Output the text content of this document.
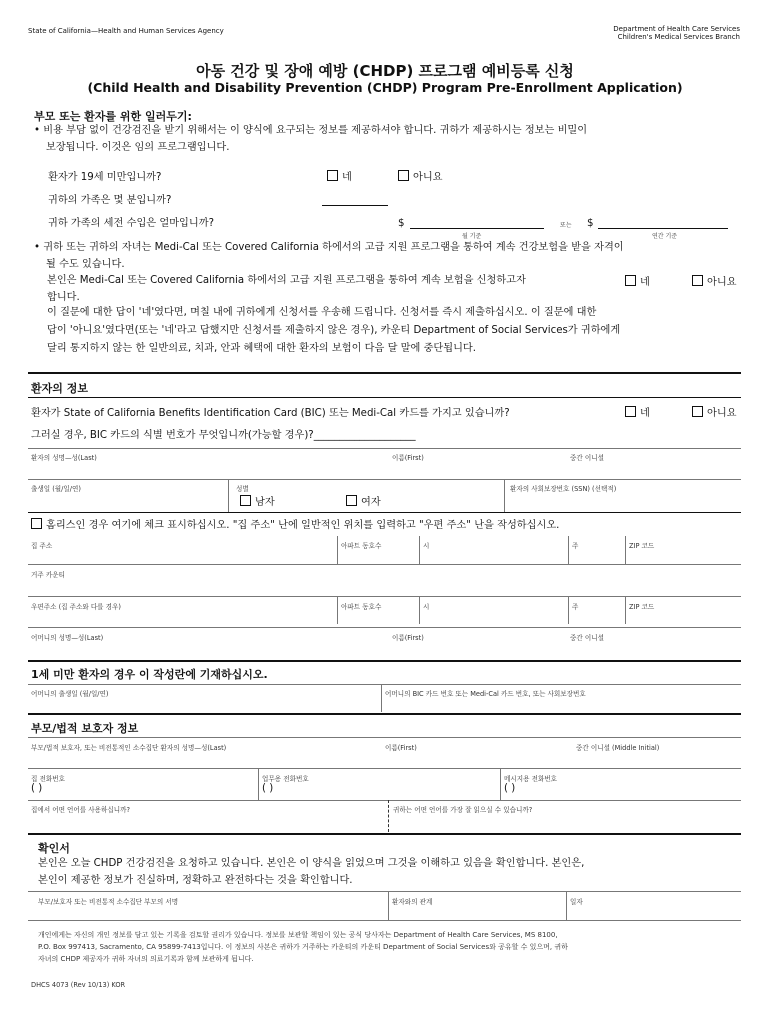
State of California—Health and Human Services Agency	Department of Health Care Services
Children's Medical Services Branch
아동 건강 및 장애 예방 (CHDP) 프로그램 예비등록 신청
(Child Health and Disability Prevention (CHDP) Program Pre-Enrollment Application)
부모 또는 환자를 위한 일러두기:
• 비용 부담 없이 건강검진을 받기 위해서는 이 양식에 요구되는 정보를 제공하셔야 합니다. 귀하가 제공하시는 정보는 비밀이
보장됩니다. 이것은 임의 프로그램입니다.
환자가 19세 미만입니까?	네	아니요
귀하의 가족은 몇 분입니까?
귀하 가족의 세전 수입은 얼마입니까?	$
월 기준
또는 $
연간 기준
• 귀하 또는 귀하의 자녀는 Medi-Cal 또는 Covered California 하에서의 고급 지원 프로그램을 통하여 계속 건강보험을 받을 자격이
될 수도 있습니다.
본인은 Medi-Cal 또는 Covered California 하에서의 고급 지원 프로그램을 통하여 계속 보험을 신청하고자
합니다.
네	아니요
이 질문에 대한 답이 '네'였다면, 며칠 내에 귀하에게 신청서를 우송해 드립니다. 신청서를 즉시 제출하십시오. 이 질문에 대한
답이 '아니요'였다면(또는 '네'라고 답했지만 신청서를 제출하지 않은 경우), 카운티 Department of Social Services가 귀하에게
달리 통지하지 않는 한 일반의료, 치과, 안과 혜택에 대한 환자의 보험이 다음 달 말에 중단됩니다.
환자의 정보
환자가 State of California Benefits Identification Card (BIC) 또는 Medi-Cal 카드를 가지고 있습니까?	네	아니요
그러실 경우, BIC 카드의 식별 번호가 무엇입니까(가능할 경우)?____________________
환자의 성명—성(Last)	이름(First)	중간 이니셜
출생일 (월/일/연)	성별
남자	여자
환자의 사회보장번호 (SSN) (선택적)
홈리스인 경우 여기에 체크 표시하십시오. "집 주소" 난에 일반적인 위치를 입력하고 "우편 주소" 난을 작성하십시오.
집 주소	아파트 동호수	시	주	ZIP 코드
거주 카운티
우편주소 (집 주소와 다를 경우)	아파트 동호수	시	주	ZIP 코드
어머니의 성명—성(Last)	이름(First)	중간 이니셜
1세 미만 환자의 경우 이 작성란에 기재하십시오.
어머니의 출생일 (월/일/연)	어머니의 BIC 카드 번호 또는 Medi-Cal 카드 번호, 또는 사회보장번호
부모/법적 보호자 정보
부모/법적 보호자, 또는 비전통적인 소수집단 환자의 성명—성(Last)	이름(First)	중간 이니셜 (Middle Initial)
집 전화번호
( )
업무용 전화번호
( )
메시지용 전화번호
( )
집에서 어떤 언어를 사용하십니까?	귀하는 어떤 언어를 가장 잘 읽으실 수 있습니까?
확인서
본인은 오늘 CHDP 건강검진을 요청하고 있습니다. 본인은 이 양식을 읽었으며 그것을 이해하고 있음을 확인합니다. 본인은,
본인이 제공한 정보가 진실하며, 정확하고 완전하다는 것을 확인합니다.
부모/보호자 또는 비전통적 소수집단 부모의 서명	환자와의 관계	일자
개인에게는 자신의 개인 정보를 담고 있는 기록을 검토할 권리가 있습니다. 정보를 보관할 책임이 있는 공식 당사자는 Department of Health Care Services, MS 8100,
P.O. Box 997413, Sacramento, CA 95899-7413입니다. 이 정보의 사본은 귀하가 거주하는 카운티의 카운티 Department of Social Services와 공유할 수 있으며, 귀하
자녀의 CHDP 제공자가 귀하 자녀의 의료기록과 함께 보관하게 됩니다.
DHCS 4073 (Rev 10/13) KOR
